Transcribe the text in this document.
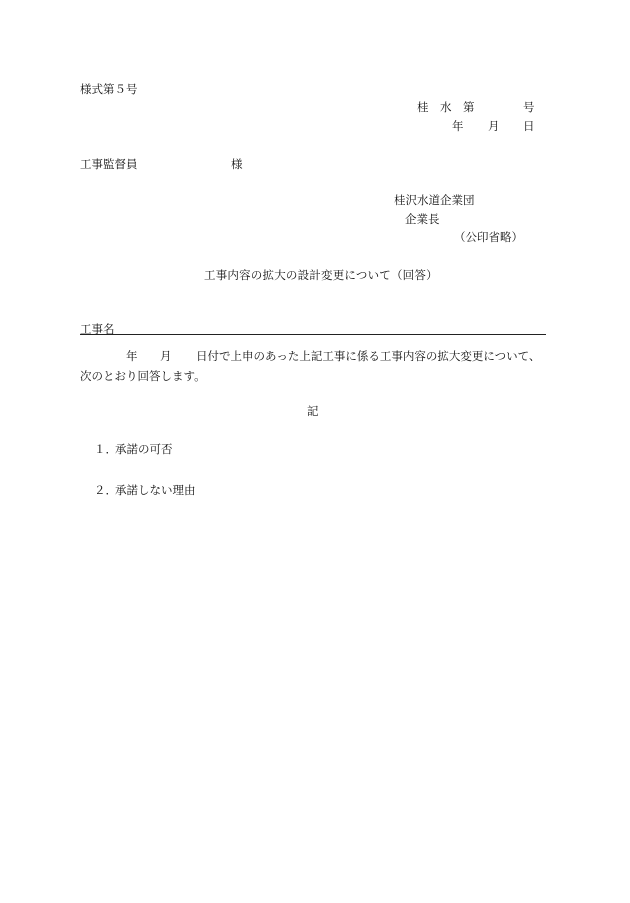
様式第５号
桂　水　第	号
年 月 日
工事監督員	様
桂沢水道企業団
企業長
（公印省略）
工事内容の拡大の設計変更について（回答）
工事名
年 月 日付で上申のあった上記工事に係る工事内容の拡大変更について、
次のとおり回答します。
記
１．
承諾の可否
２．
承諾しない理由
